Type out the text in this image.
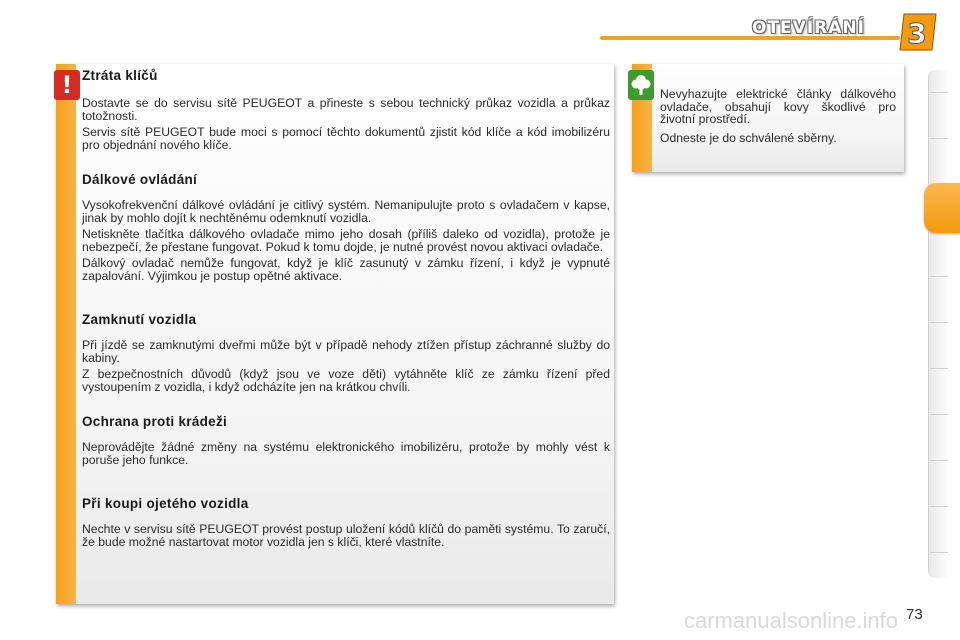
OTEVÍRÁNÍ 3
! Ztráta klíčů

Dostavte se do servisu sítě PEUGEOT a přineste s sebou technický průkaz vozidla a průkaz totožnosti.

Servis sítě PEUGEOT bude moci s pomocí těchto dokumentů zjistit kód klíče a kód imobilizéru pro objednání nového klíče.

Dálkové ovládání

Vysokofrekvenční dálkové ovládání je citlivý systém. Nemanipulujte proto s ovladačem v kapse, jinak by mohlo dojít k nechtěnému odemknutí vozidla.

Netiskněte tlačítka dálkového ovladače mimo jeho dosah (příliš daleko od vozidla), protože je nebezpečí, že přestane fungovat. Pokud k tomu dojde, je nutné provést novou aktivaci ovladače.

Dálkový ovladač nemůže fungovat, když je klíč zasunutý v zámku řízení, i když je vypnuté zapalování. Výjimkou je postup opětné aktivace.

Zamknutí vozidla

Při jízdě se zamknutými dveřmi může být v případě nehody ztížen přístup záchranné služby do kabiny.

Z bezpečnostních důvodů (když jsou ve voze děti) vytáhněte klíč ze zámku řízení před vystoupením z vozidla, i když odcházíte jen na krátkou chvíli.

Ochrana proti krádeži

Neprovádějte žádné změny na systému elektronického imobilizéru, protože by mohly vést k poruše jeho funkce.

Při koupi ojetého vozidla

Nechte v servisu sítě PEUGEOT provést postup uložení kódů klíčů do paměti systému. To zaručí, že bude možné nastartovat motor vozidla jen s klíči, které vlastníte.

Nevyhazujte elektrické články dálkového ovladače, obsahují kovy škodlivé pro životní prostředí.

Odneste je do schválené sběrny.

carmanualsonline.info 73
